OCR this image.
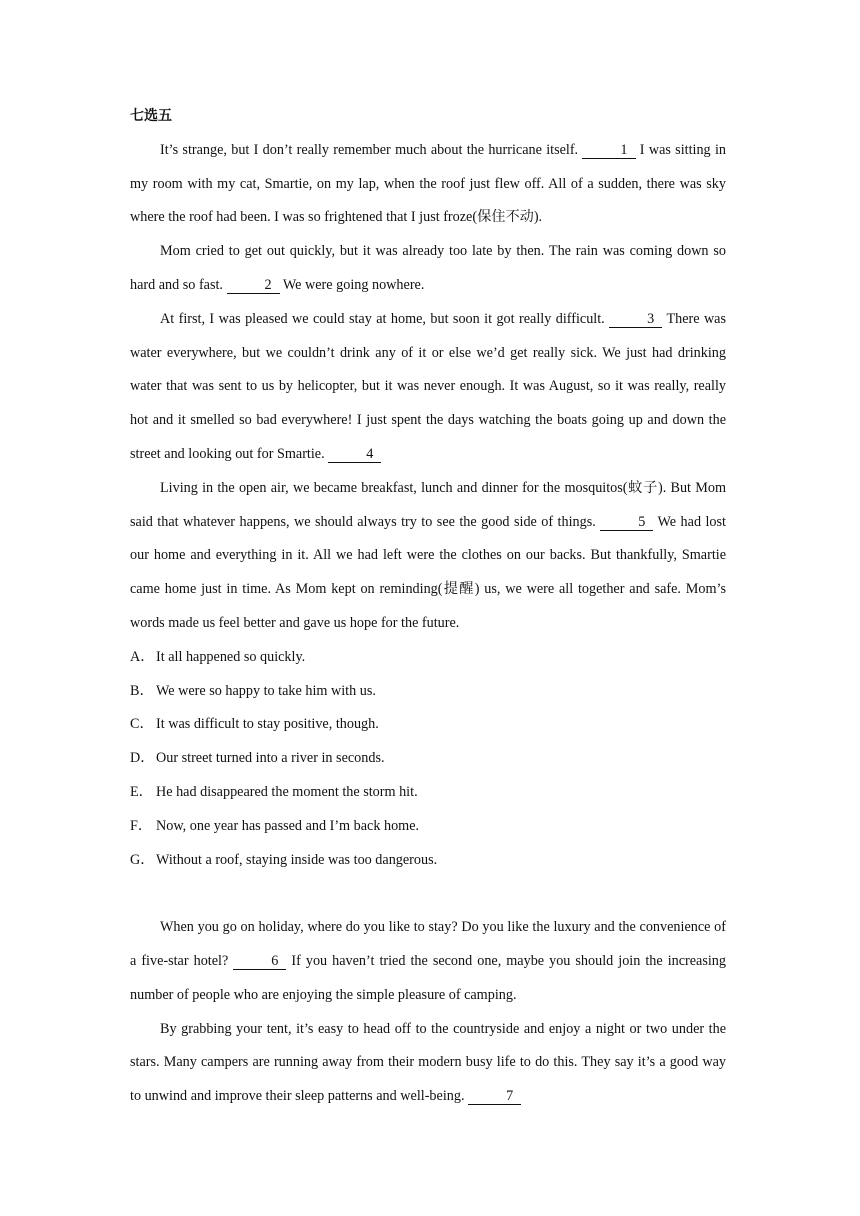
七选五

It’s strange, but I don’t really remember much about the hurricane itself.	1 I was sitting in my room with my cat, Smartie, on my lap, when the roof just flew off. All of a sudden, there was sky where the roof had been. I was so frightened that I just froze(保住不动).

Mom cried to get out quickly, but it was already too late by then. The rain was coming down so hard and so fast.	2 We were going nowhere.

At first, I was pleased we could stay at home, but soon it got really difficult.	3 There was water everywhere, but we couldn’t drink any of it or else we’d get really sick. We just had drinking water that was sent to us by helicopter, but it was never enough. It was August, so it was really, really hot and it smelled so bad everywhere! I just spent the days watching the boats going up and down the street and looking out for Smartie.	4

Living in the open air, we became breakfast, lunch and dinner for the mosquitos(蚊子). But Mom said that whatever happens, we should always try to see the good side of things.	5 We had lost our home and everything in it. All we had left were the clothes on our backs. But thankfully, Smartie came home just in time. As Mom kept on reminding(提醒) us, we were all together and safe. Mom’s words made us feel better and gave us hope for the future.

A． It all happened so quickly.

B． We were so happy to take him with us.

C． It was difficult to stay positive, though.

D． Our street turned into a river in seconds.

E． He had disappeared the moment the storm hit.

F． Now, one year has passed and I’m back home.

G． Without a roof, staying inside was too dangerous.

When you go on holiday, where do you like to stay? Do you like the luxury and the convenience of a five-star hotel?	6 If you haven’t tried the second one, maybe you should join the increasing number of people who are enjoying the simple pleasure of camping.

By grabbing your tent, it’s easy to head off to the countryside and enjoy a night or two under the stars. Many campers are running away from their modern busy life to do this. They say it’s a good way to unwind and improve their sleep patterns and well-being.	7
